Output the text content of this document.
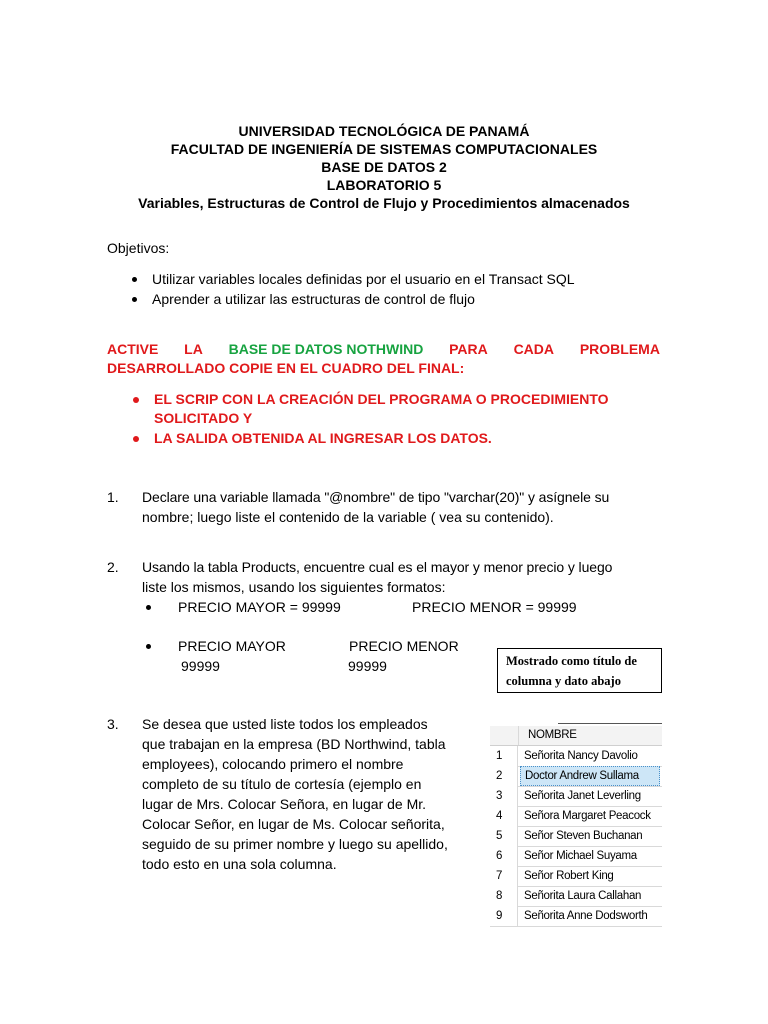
UNIVERSIDAD TECNOLÓGICA DE PANAMÁ
FACULTAD DE INGENIERÍA DE SISTEMAS COMPUTACIONALES
BASE DE DATOS 2
LABORATORIO 5
Variables, Estructuras de Control de Flujo y Procedimientos almacenados
Objetivos:
Utilizar variables locales definidas por el usuario en el Transact SQL
Aprender a utilizar las estructuras de control de flujo
ACTIVE LA BASE DE DATOS NOTHWIND PARA CADA PROBLEMA
DESARROLLADO COPIE EN EL CUADRO DEL FINAL:
EL SCRIP CON LA CREACIÓN DEL PROGRAMA O PROCEDIMIENTO
SOLICITADO Y
LA SALIDA OBTENIDA AL INGRESAR LOS DATOS.
1. Declare una variable llamada "@nombre" de tipo "varchar(20)" y asígnele su
nombre; luego liste el contenido de la variable ( vea su contenido).
2. Usando la tabla Products, encuentre cual es el mayor y menor precio y luego
liste los mismos, usando los siguientes formatos:
PRECIO MAYOR = 99999	PRECIO MENOR = 99999
PRECIO MAYOR	PRECIO MENOR
99999	99999	Mostrado como título de
columna y dato abajo
3. Se desea que usted liste todos los empleados
que trabajan en la empresa (BD Northwind, tabla
employees), colocando primero el nombre
completo de su título de cortesía (ejemplo en
lugar de Mrs. Colocar Señora, en lugar de Mr.
Colocar Señor, en lugar de Ms. Colocar señorita,
seguido de su primer nombre y luego su apellido,
todo esto en una sola columna.
NOMBRE
1	Señorita Nancy Davolio
2	Doctor Andrew Sullama
3	Señorita Janet Leverling
4	Señora Margaret Peacock
5	Señor Steven Buchanan
6	Señor Michael Suyama
7	Señor Robert King
8	Señorita Laura Callahan
9	Señorita Anne Dodsworth
